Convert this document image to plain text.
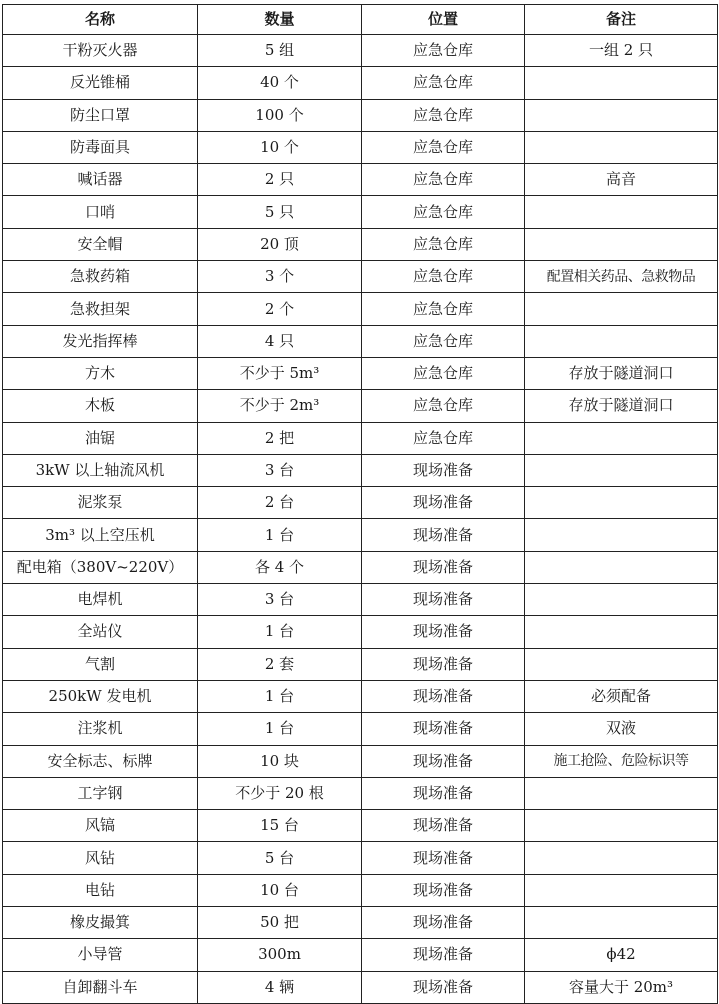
名称	数量	位置	备注
干粉灭火器	5 组	应急仓库	一组 2 只
反光锥桶	40 个	应急仓库	
防尘口罩	100 个	应急仓库	
防毒面具	10 个	应急仓库	
喊话器	2 只	应急仓库	高音
口哨	5 只	应急仓库	
安全帽	20 顶	应急仓库	
急救药箱	3 个	应急仓库	配置相关药品、急救物品
急救担架	2 个	应急仓库	
发光指挥棒	4 只	应急仓库	
方木	不少于 5m³	应急仓库	存放于隧道洞口
木板	不少于 2m³	应急仓库	存放于隧道洞口
油锯	2 把	应急仓库	
3kW 以上轴流风机	3 台	现场准备	
泥浆泵	2 台	现场准备	
3m³ 以上空压机	1 台	现场准备	
配电箱（380V~220V）	各 4 个	现场准备	
电焊机	3 台	现场准备	
全站仪	1 台	现场准备	
气割	2 套	现场准备	
250kW 发电机	1 台	现场准备	必须配备
注浆机	1 台	现场准备	双液
安全标志、标牌	10 块	现场准备	施工抢险、危险标识等
工字钢	不少于 20 根	现场准备	
风镐	15 台	现场准备	
风钻	5 台	现场准备	
电钻	10 台	现场准备	
橡皮撮箕	50 把	现场准备	
小导管	300m	现场准备	ϕ42
自卸翻斗车	4 辆	现场准备	容量大于 20m³
